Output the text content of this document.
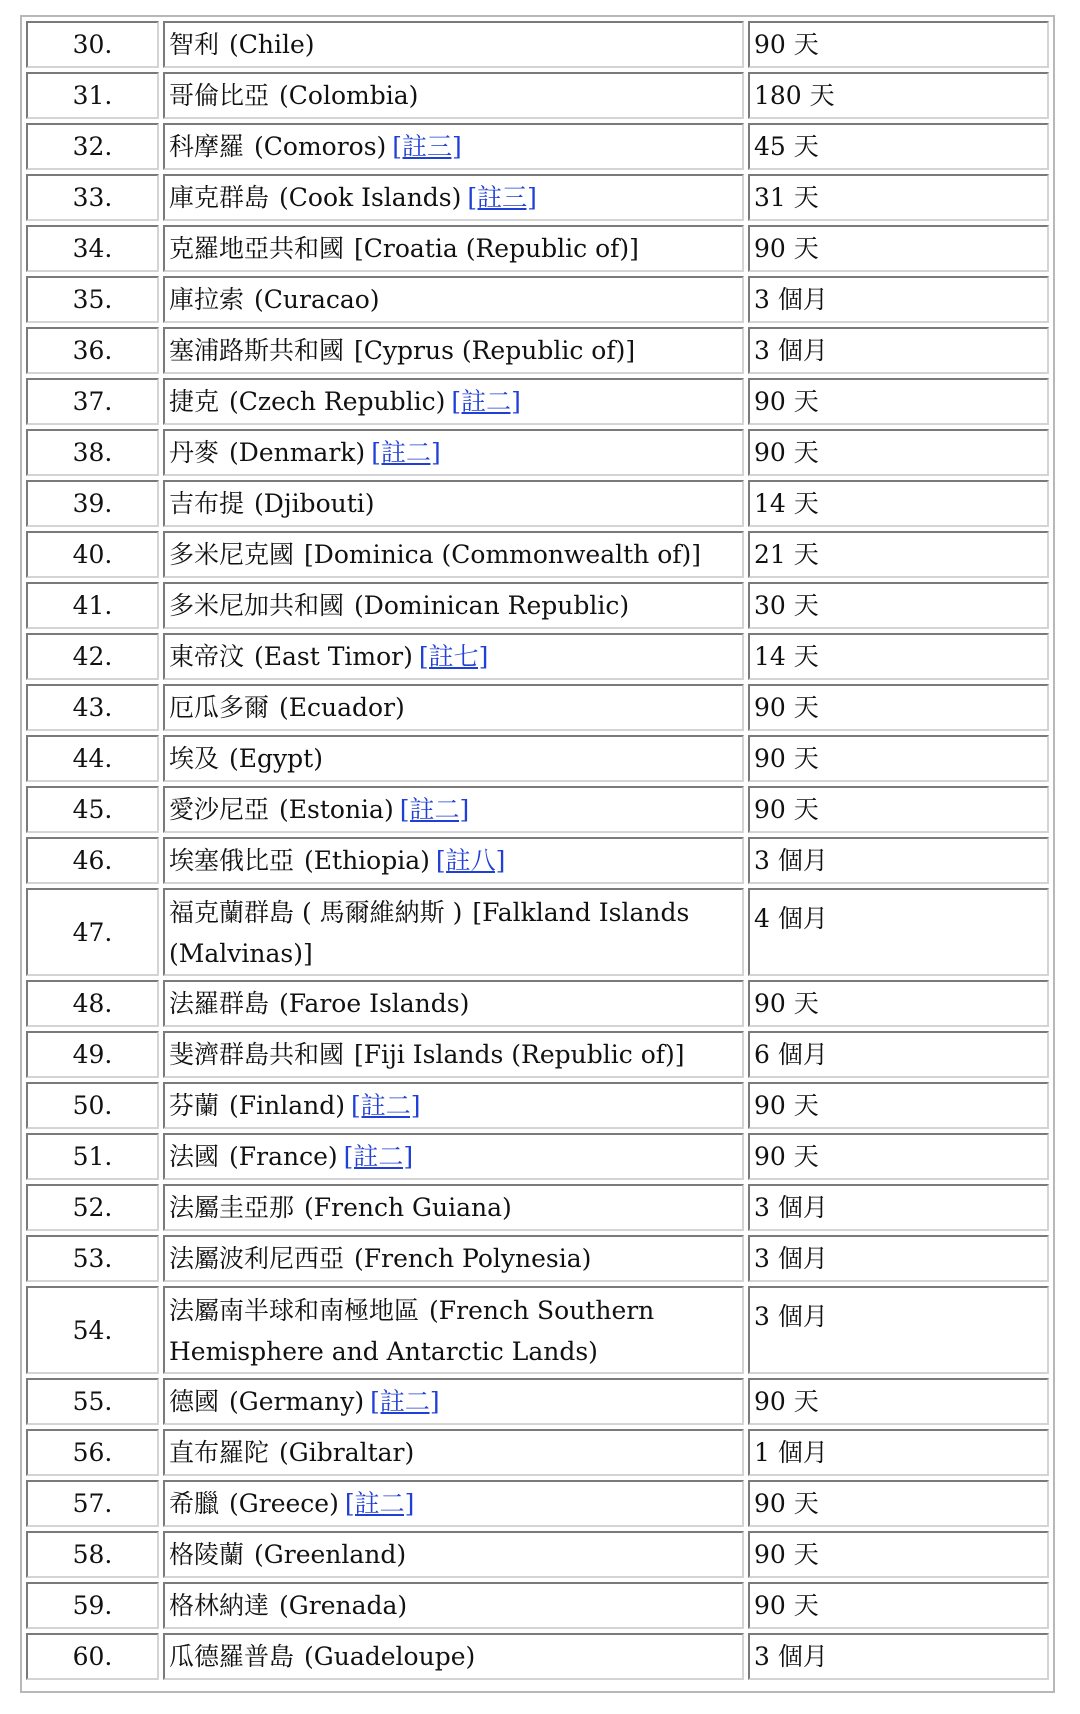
30.	智利 (Chile)	90 天
31.	哥倫比亞 (Colombia)	180 天
32.	科摩羅 (Comoros) [註三]	45 天
33.	庫克群島 (Cook Islands) [註三]	31 天
34.	克羅地亞共和國 [Croatia (Republic of)]	90 天
35.	庫拉索 (Curacao)	3 個月
36.	塞浦路斯共和國 [Cyprus (Republic of)]	3 個月
37.	捷克 (Czech Republic) [註二]	90 天
38.	丹麥 (Denmark) [註二]	90 天
39.	吉布提 (Djibouti)	14 天
40.	多米尼克國 [Dominica (Commonwealth of)]	21 天
41.	多米尼加共和國 (Dominican Republic)	30 天
42.	東帝汶 (East Timor) [註七]	14 天
43.	厄瓜多爾 (Ecuador)	90 天
44.	埃及 (Egypt)	90 天
45.	愛沙尼亞 (Estonia) [註二]	90 天
46.	埃塞俄比亞 (Ethiopia) [註八]	3 個月
47.	福克蘭群島 ( 馬爾維納斯 ) [Falkland Islands (Malvinas)]	4 個月
48.	法羅群島 (Faroe Islands)	90 天
49.	斐濟群島共和國 [Fiji Islands (Republic of)]	6 個月
50.	芬蘭 (Finland) [註二]	90 天
51.	法國 (France) [註二]	90 天
52.	法屬圭亞那 (French Guiana)	3 個月
53.	法屬波利尼西亞 (French Polynesia)	3 個月
54.	法屬南半球和南極地區 (French Southern Hemisphere and Antarctic Lands)	3 個月
55.	德國 (Germany) [註二]	90 天
56.	直布羅陀 (Gibraltar)	1 個月
57.	希臘 (Greece) [註二]	90 天
58.	格陵蘭 (Greenland)	90 天
59.	格林納達 (Grenada)	90 天
60.	瓜德羅普島 (Guadeloupe)	3 個月
